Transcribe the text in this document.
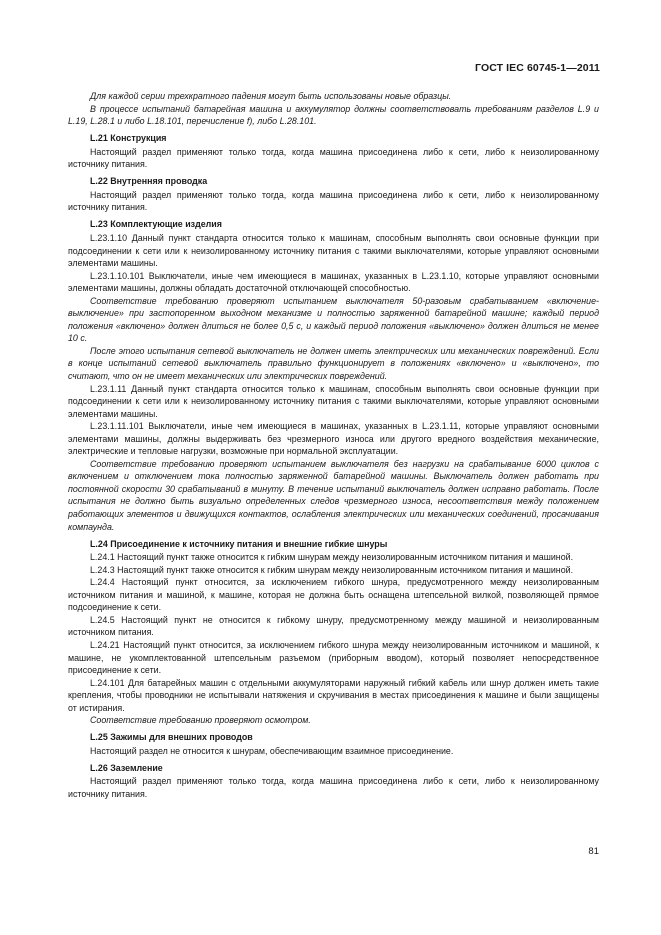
ГОСТ IEC 60745-1—2011

Для каждой серии трехкратного падения могут быть использованы новые образцы.

В процессе испытаний батарейная машина и аккумулятор должны соответствовать требованиям разделов L.9 и L.19, L.28.1 и либо L.18.101, перечисление f), либо L.28.101.

L.21 Конструкция

Настоящий раздел применяют только тогда, когда машина присоединена либо к сети, либо к неизолированному источнику питания.

L.22 Внутренняя проводка

Настоящий раздел применяют только тогда, когда машина присоединена либо к сети, либо к неизолированному источнику питания.

L.23 Комплектующие изделия

L.23.1.10 Данный пункт стандарта относится только к машинам, способным выполнять свои основные функции при подсоединении к сети или к неизолированному источнику питания с такими выключателями, которые управляют основными элементами машины.

L.23.1.10.101 Выключатели, иные чем имеющиеся в машинах, указанных в L.23.1.10, которые управляют основными элементами машины, должны обладать достаточной отключающей способностью.

Соответствие требованию проверяют испытанием выключателя 50-разовым срабатыванием «включение-выключение» при застопоренном выходном механизме и полностью заряженной батарейной машине; каждый период положения «включено» должен длиться не более 0,5 с, и каждый период положения «выключено» должен длиться не менее 10 с.

После этого испытания сетевой выключатель не должен иметь электрических или механических повреждений. Если в конце испытаний сетевой выключатель правильно функционирует в положениях «включено» и «выключено», то считают, что он не имеет механических или электрических повреждений.

L.23.1.11 Данный пункт стандарта относится только к машинам, способным выполнять свои основные функции при подсоединении к сети или к неизолированному источнику питания с такими выключателями, которые управляют основными элементами машины.

L.23.1.11.101 Выключатели, иные чем имеющиеся в машинах, указанных в L.23.1.11, которые управляют основными элементами машины, должны выдерживать без чрезмерного износа или другого вредного воздействия механические, электрические и тепловые нагрузки, возможные при нормальной эксплуатации.

Соответствие требованию проверяют испытанием выключателя без нагрузки на срабатывание 6000 циклов с включением и отключением тока полностью заряженной батарейной машины. Выключатель должен работать при постоянной скорости 30 срабатываний в минуту. В течение испытаний выключатель должен исправно работать. После испытания не должно быть визуально определенных следов чрезмерного износа, несоответствия между положением работающих элементов и движущихся контактов, ослабления электрических или механических соединений, просачивания компаунда.

L.24 Присоединение к источнику питания и внешние гибкие шнуры

L.24.1 Настоящий пункт также относится к гибким шнурам между неизолированным источником питания и машиной.

L.24.3 Настоящий пункт также относится к гибким шнурам между неизолированным источником питания и машиной.

L.24.4 Настоящий пункт относится, за исключением гибкого шнура, предусмотренного между неизолированным источником питания и машиной, к машине, которая не должна быть оснащена штепсельной вилкой, позволяющей прямое подсоединение к сети.

L.24.5 Настоящий пункт не относится к гибкому шнуру, предусмотренному между машиной и неизолированным источником питания.

L.24.21 Настоящий пункт относится, за исключением гибкого шнура между неизолированным источником и машиной, к машине, не укомплектованной штепсельным разъемом (приборным вводом), который позволяет непосредственное присоединение к сети.

L.24.101 Для батарейных машин с отдельными аккумуляторами наружный гибкий кабель или шнур должен иметь такие крепления, чтобы проводники не испытывали натяжения и скручивания в местах присоединения к машине и были защищены от истирания.

Соответствие требованию проверяют осмотром.

L.25 Зажимы для внешних проводов

Настоящий раздел не относится к шнурам, обеспечивающим взаимное присоединение.

L.26 Заземление

Настоящий раздел применяют только тогда, когда машина присоединена либо к сети, либо к неизолированному источнику питания.

81
